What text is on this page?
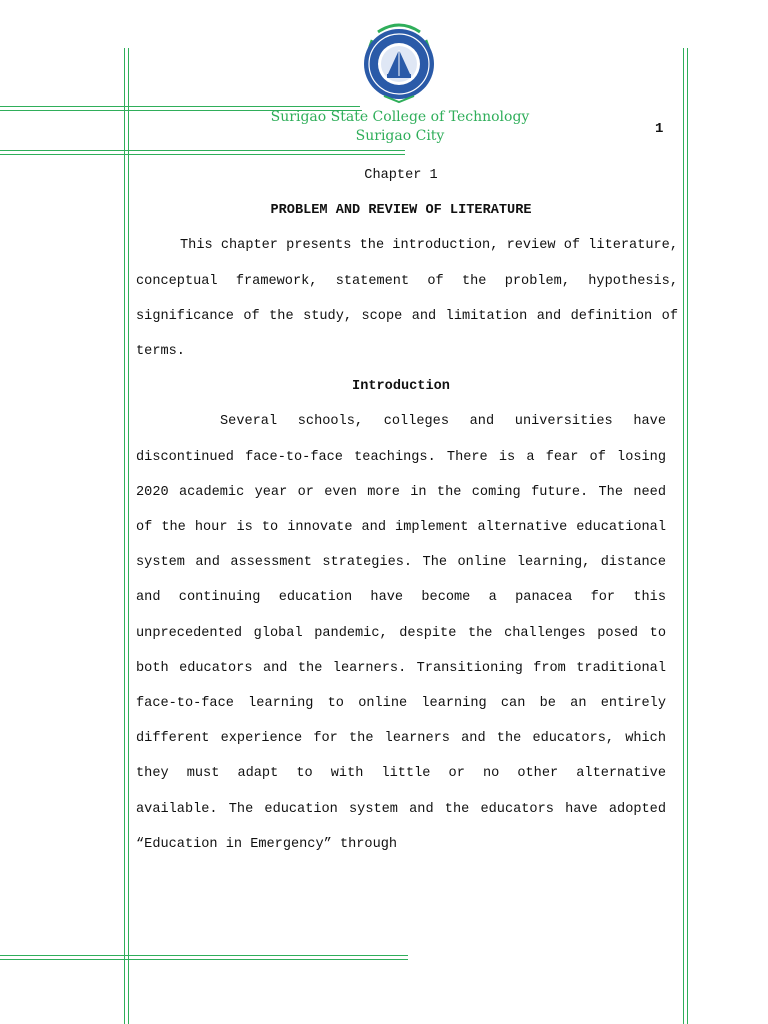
Surigao State College of Technology
Surigao City	1
Chapter 1
PROBLEM AND REVIEW OF LITERATURE

This chapter presents the introduction, review of literature, conceptual framework, statement of the problem, hypothesis, significance of the study, scope and limitation and definition of terms.

Introduction

Several schools, colleges and universities have discontinued face-to-face teachings. There is a fear of losing 2020 academic year or even more in the coming future. The need of the hour is to innovate and implement alternative educational system and assessment strategies. The online learning, distance and continuing education have become a panacea for this unprecedented global pandemic, despite the challenges posed to both educators and the learners. Transitioning from traditional face-to-face learning to online learning can be an entirely different experience for the learners and the educators, which they must adapt to with little or no other alternative available. The education system and the educators have adopted “Education in Emergency” through
